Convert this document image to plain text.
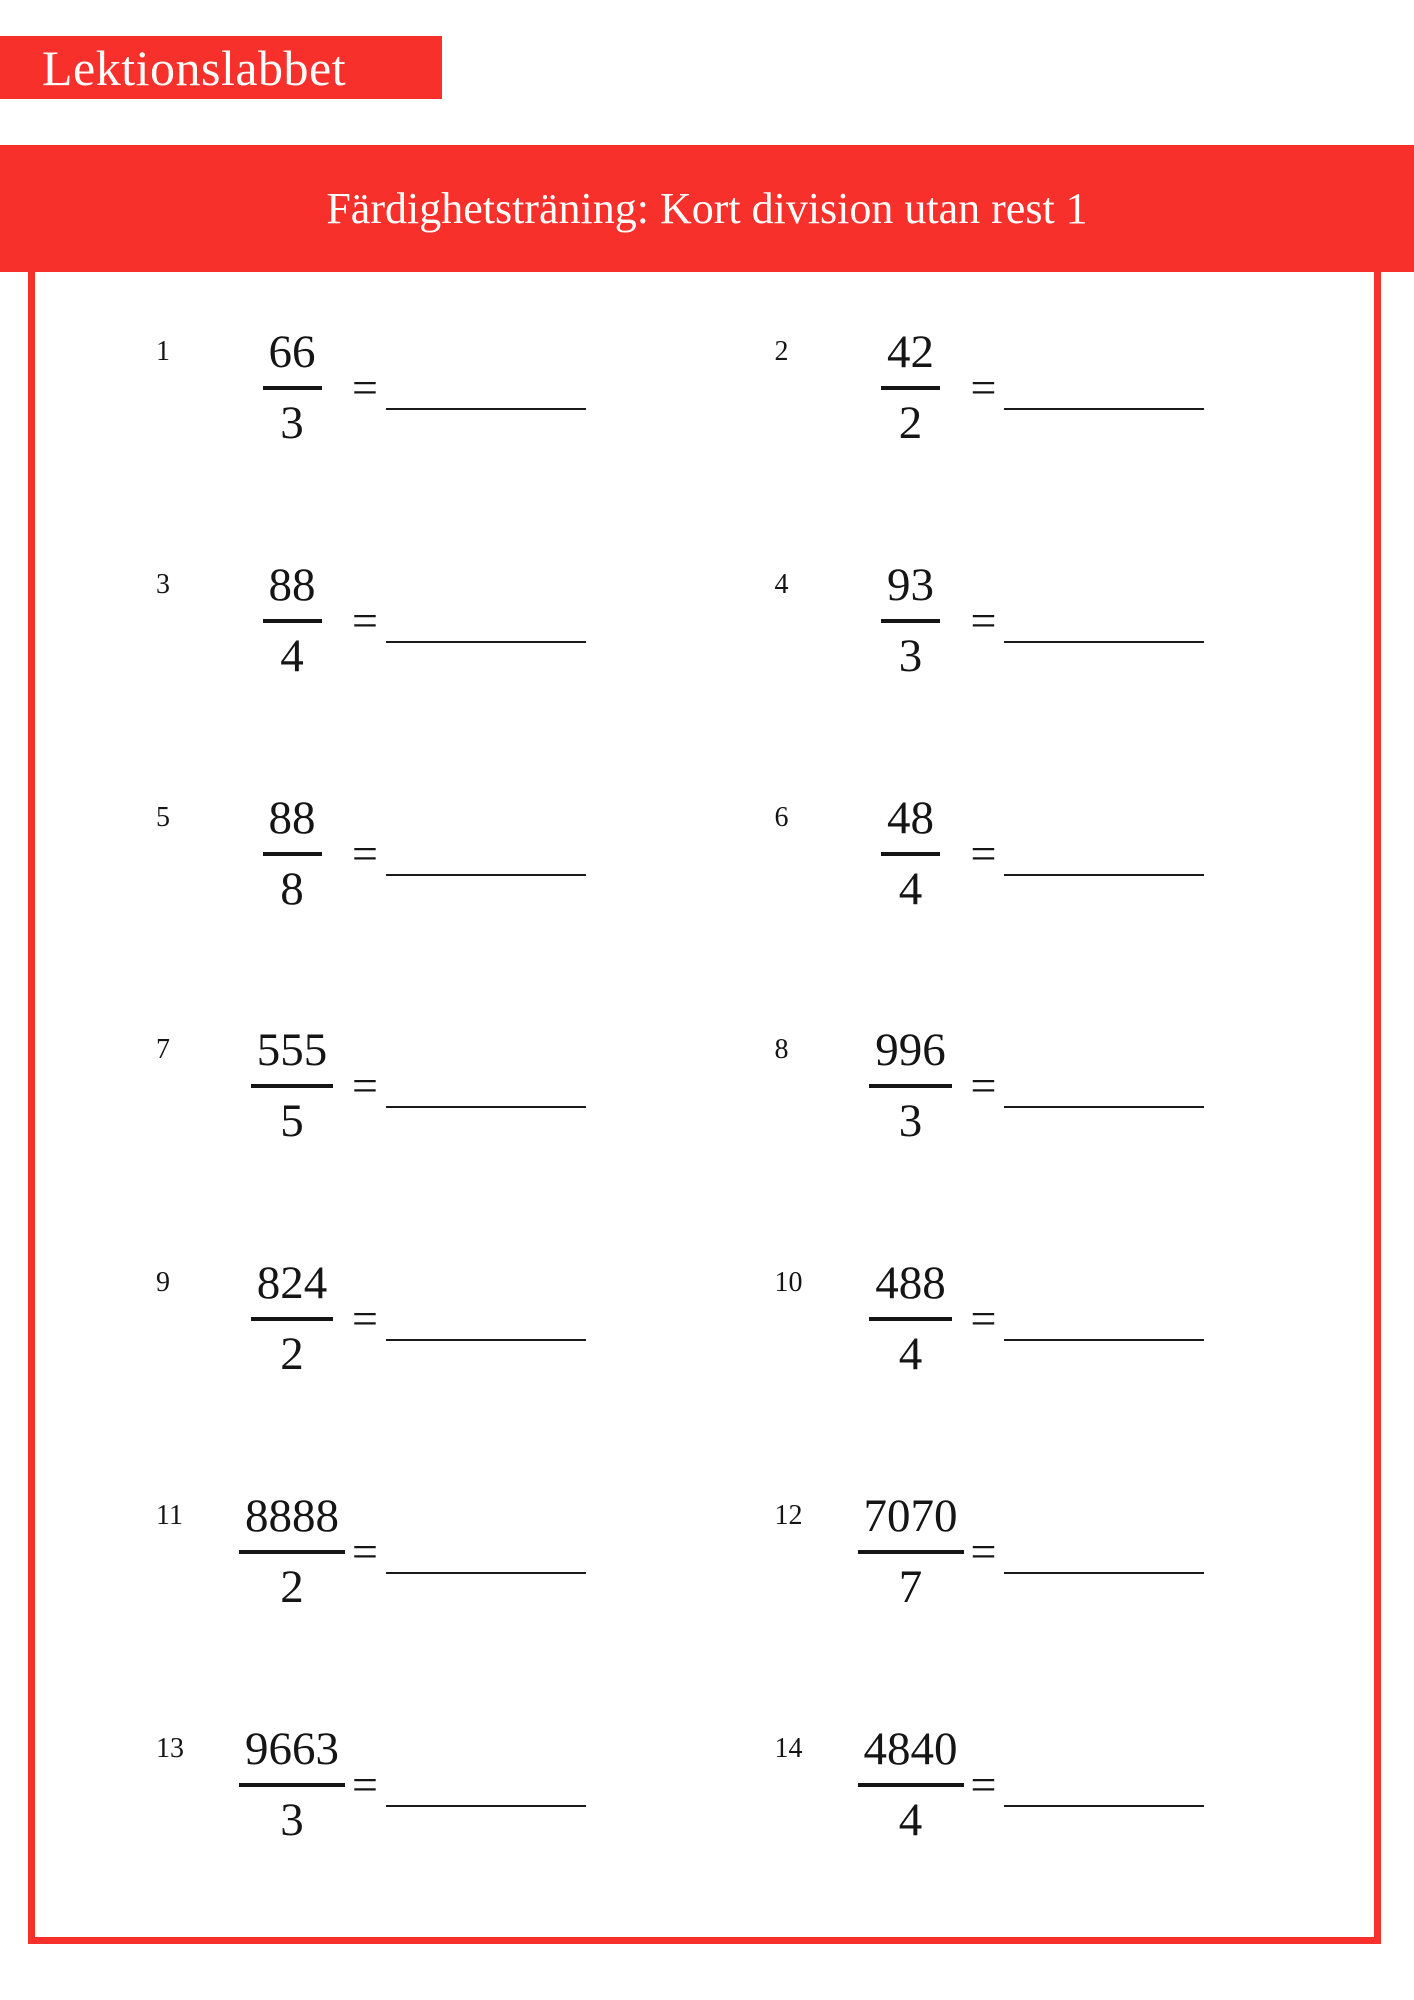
Lektionslabbet
Färdighetsträning: Kort division utan rest 1
1	$\frac{66}{3}$ =
2	$\frac{42}{2}$ =
3	$\frac{88}{4}$ =
4	$\frac{93}{3}$ =
5	$\frac{88}{8}$ =
6	$\frac{48}{4}$ =
7	$\frac{555}{5}$ =
8	$\frac{996}{3}$ =
9	$\frac{824}{2}$ =
10	$\frac{488}{4}$ =
11	$\frac{8888}{2}$ =
12	$\frac{7070}{7}$ =
13	$\frac{9663}{3}$ =
14	$\frac{4840}{4}$ =
